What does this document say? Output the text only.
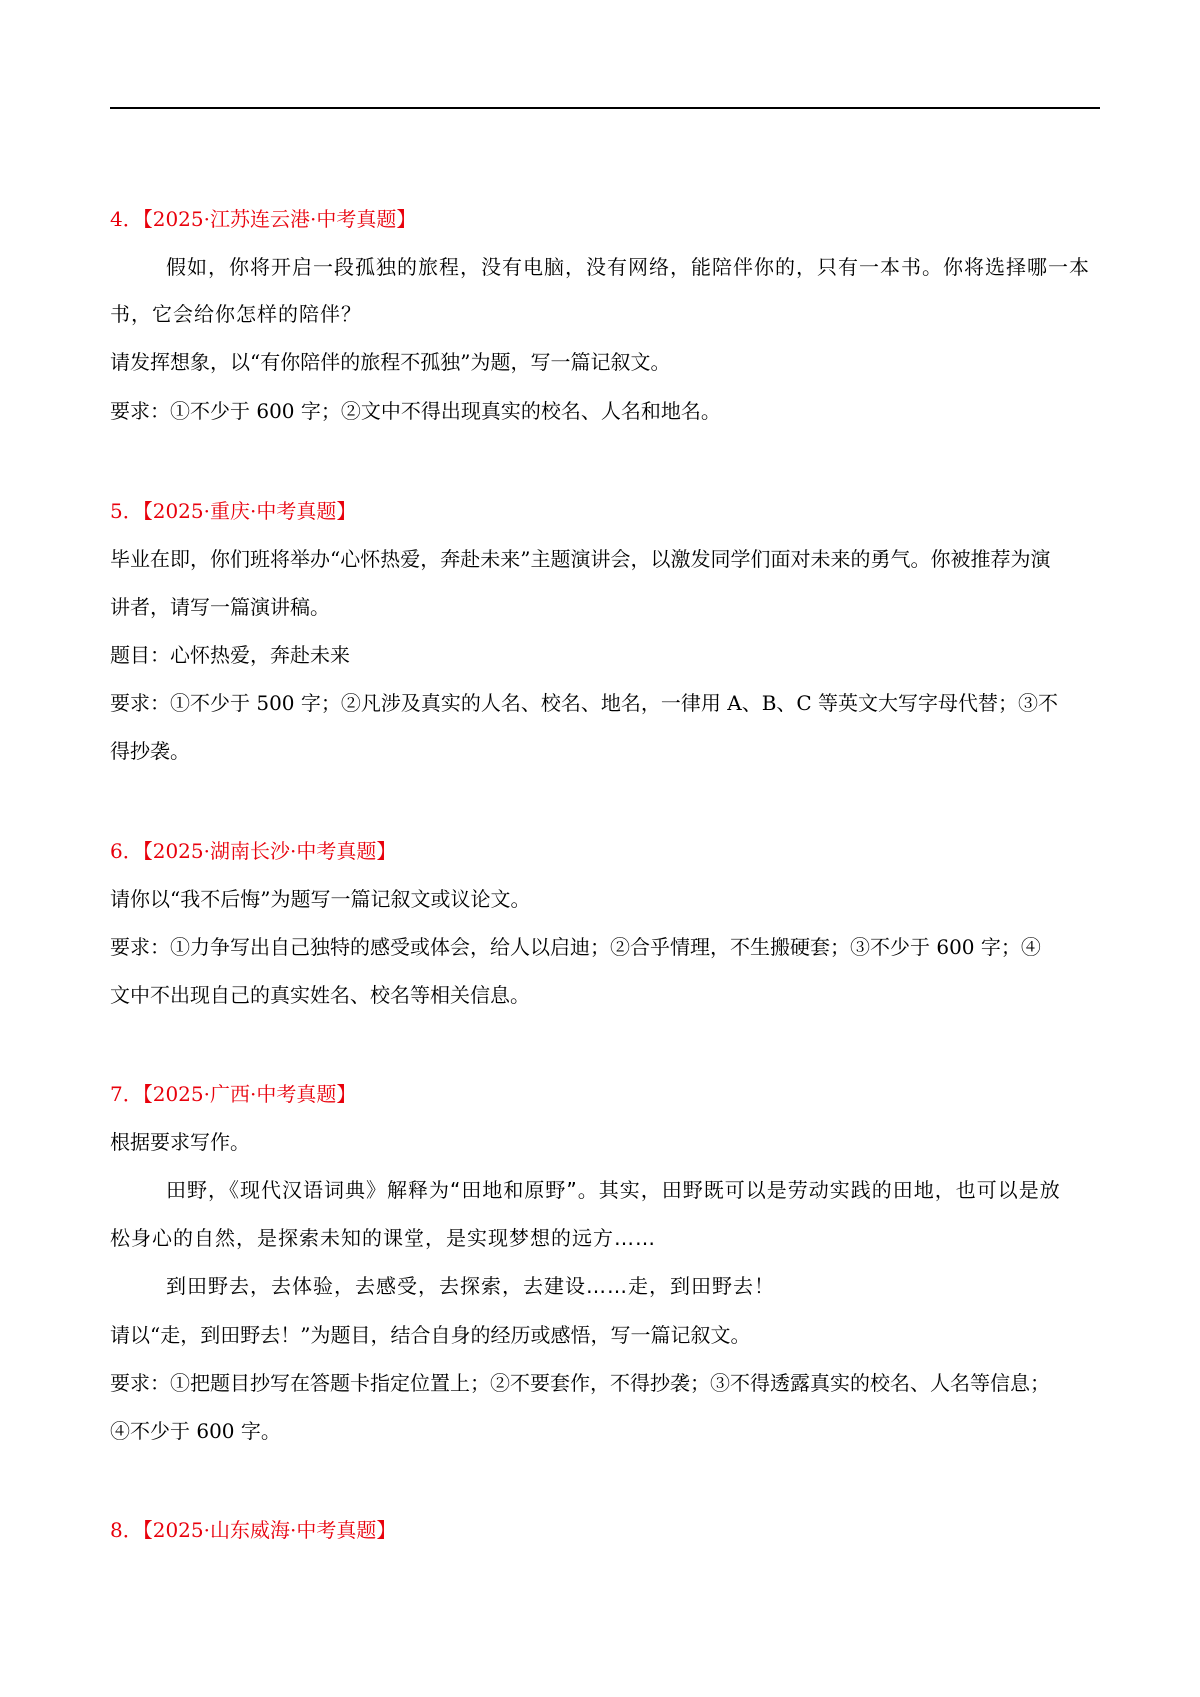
4．【2025·江苏连云港·中考真题】
假如，你将开启一段孤独的旅程，没有电脑，没有网络，能陪伴你的，只有一本书。你将选择哪一本
书，它会给你怎样的陪伴？
请发挥想象，以“有你陪伴的旅程不孤独”为题，写一篇记叙文。
要求：①不少于 600 字；②文中不得出现真实的校名、人名和地名。
5．【2025·重庆·中考真题】
毕业在即，你们班将举办“心怀热爱，奔赴未来”主题演讲会，以激发同学们面对未来的勇气。你被推荐为演
讲者，请写一篇演讲稿。
题目：心怀热爱，奔赴未来
要求：①不少于 500 字；②凡涉及真实的人名、校名、地名，一律用 A、B、C 等英文大写字母代替；③不
得抄袭。
6．【2025·湖南长沙·中考真题】
请你以“我不后悔”为题写一篇记叙文或议论文。
要求：①力争写出自己独特的感受或体会，给人以启迪；②合乎情理，不生搬硬套；③不少于 600 字；④
文中不出现自己的真实姓名、校名等相关信息。
7．【2025·广西·中考真题】
根据要求写作。
田野，《现代汉语词典》解释为“田地和原野”。其实，田野既可以是劳动实践的田地，也可以是放
松身心的自然，是探索未知的课堂，是实现梦想的远方……
到田野去，去体验，去感受，去探索，去建设……走，到田野去！
请以“走，到田野去！”为题目，结合自身的经历或感悟，写一篇记叙文。
要求：①把题目抄写在答题卡指定位置上；②不要套作，不得抄袭；③不得透露真实的校名、人名等信息；
④不少于 600 字。
8．【2025·山东威海·中考真题】
